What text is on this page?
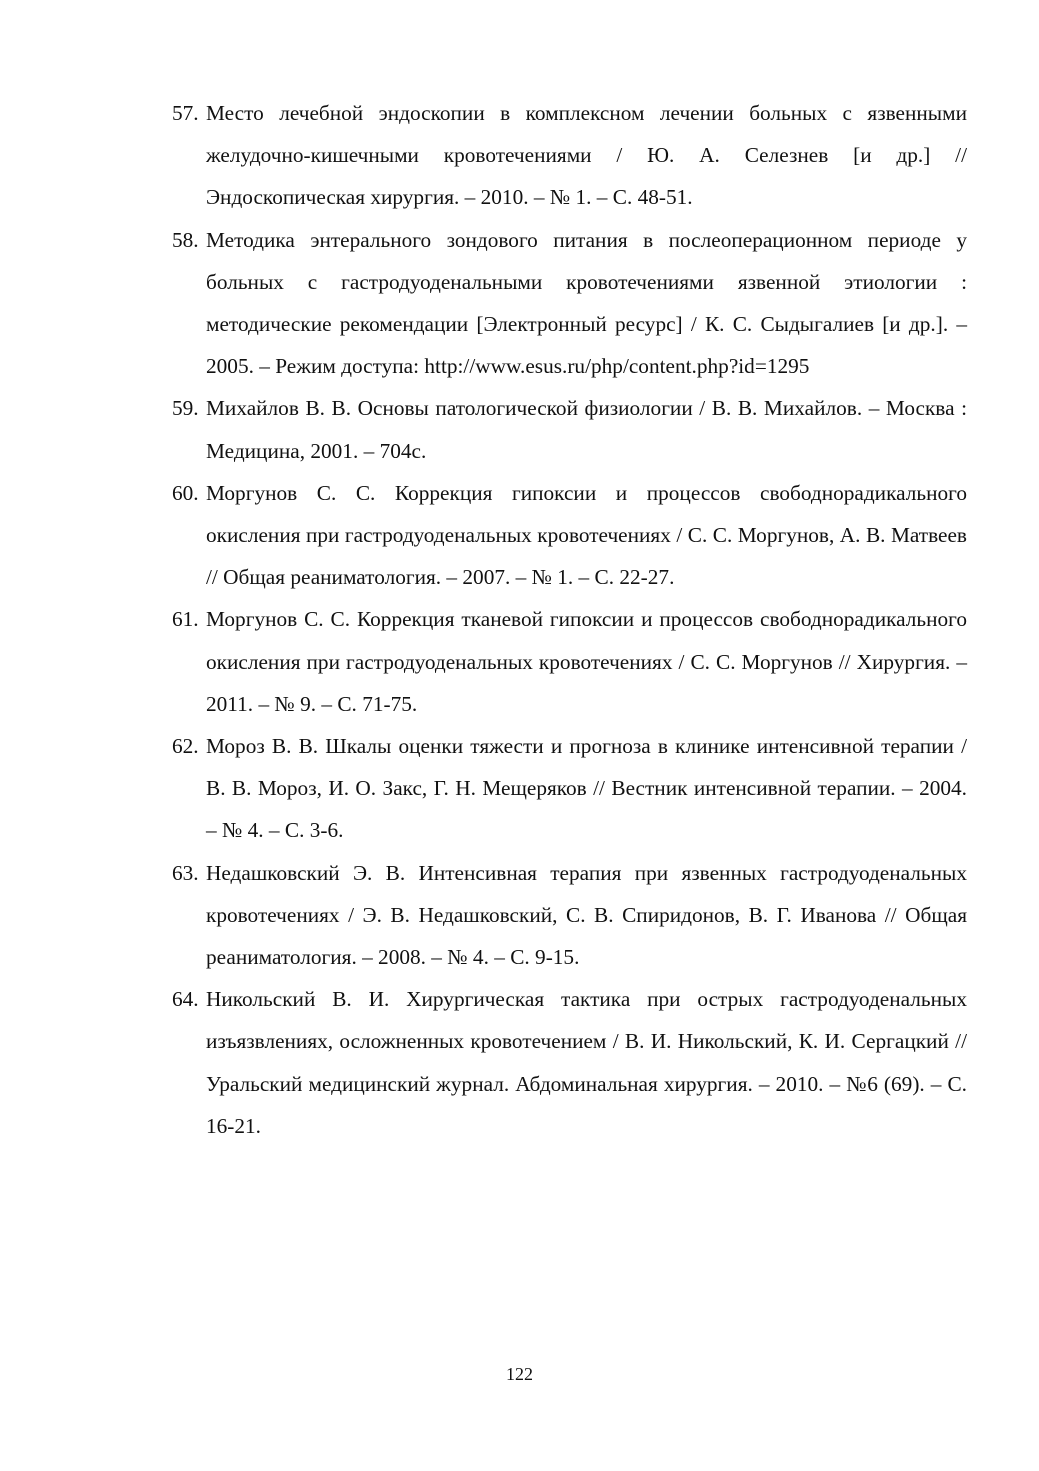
57. Место лечебной эндоскопии в комплексном лечении больных с язвенными желудочно-кишечными кровотечениями / Ю. А. Селезнев [и др.] // Эндоскопическая хирургия. – 2010. – № 1. – С. 48-51.
58. Методика энтерального зондового питания в послеоперационном периоде у больных с гастродуоденальными кровотечениями язвенной этиологии : методические рекомендации [Электронный ресурс] / К. С. Сыдыгалиев [и др.]. – 2005. – Режим доступа: http://www.esus.ru/php/content.php?id=1295
59. Михайлов В. В. Основы патологической физиологии / В. В. Михайлов. – Москва : Медицина, 2001. – 704с.
60. Моргунов С. С. Коррекция гипоксии и процессов свободнорадикального окисления при гастродуоденальных кровотечениях / С. С. Моргунов, А. В. Матвеев // Общая реаниматология. – 2007. – № 1. – С. 22-27.
61. Моргунов С. С. Коррекция тканевой гипоксии и процессов свободнорадикального окисления при гастродуоденальных кровотечениях / С. С. Моргунов // Хирургия. – 2011. – № 9. – С. 71-75.
62. Мороз В. В. Шкалы оценки тяжести и прогноза в клинике интенсивной терапии / В. В. Мороз, И. О. Закс, Г. Н. Мещеряков // Вестник интенсивной терапии. – 2004. – № 4. – С. 3-6.
63. Недашковский Э. В. Интенсивная терапия при язвенных гастродуоденальных кровотечениях / Э. В. Недашковский, С. В. Спиридонов, В. Г. Иванова // Общая реаниматология. – 2008. – № 4. – С. 9-15.
64. Никольский В. И. Хирургическая тактика при острых гастродуоденальных изъязвлениях, осложненных кровотечением / В. И. Никольский, К. И. Сергацкий // Уральский медицинский журнал. Абдоминальная хирургия. – 2010. – №6 (69). – С. 16-21.
122
